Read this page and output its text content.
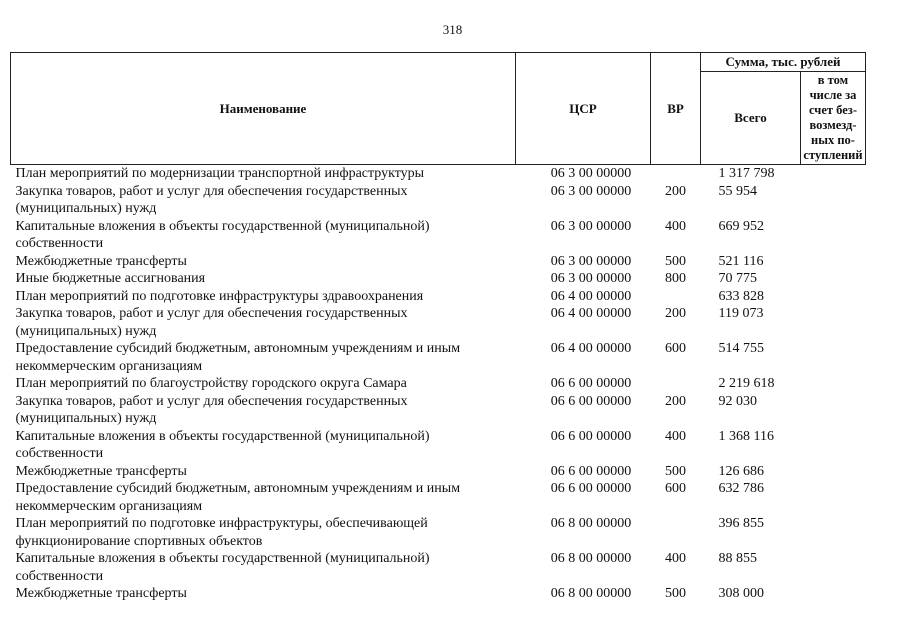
318
Наименование	ЦСР	ВР	Сумма, тыс. рублей	
			Всего	в том числе за счет без-возмезд-ных по-ступлений
План мероприятий по модернизации транспортной инфраструктуры	06 3 00 00000		1 317 798	
Закупка товаров, работ и услуг для обеспечения государственных (муниципальных) нужд	06 3 00 00000	200	55 954	
Капитальные вложения в объекты государственной (муниципальной) собственности	06 3 00 00000	400	669 952	
Межбюджетные трансферты	06 3 00 00000	500	521 116	
Иные бюджетные ассигнования	06 3 00 00000	800	70 775	
План мероприятий по подготовке инфраструктуры здравоохранения	06 4 00 00000		633 828	
Закупка товаров, работ и услуг для обеспечения государственных (муниципальных) нужд	06 4 00 00000	200	119 073	
Предоставление субсидий бюджетным, автономным учреждениям и иным некоммерческим организациям	06 4 00 00000	600	514 755	
План мероприятий по благоустройству городского округа Самара	06 6 00 00000		2 219 618	
Закупка товаров, работ и услуг для обеспечения государственных (муниципальных) нужд	06 6 00 00000	200	92 030	
Капитальные вложения в объекты государственной (муниципальной) собственности	06 6 00 00000	400	1 368 116	
Межбюджетные трансферты	06 6 00 00000	500	126 686	
Предоставление субсидий бюджетным, автономным учреждениям и иным некоммерческим организациям	06 6 00 00000	600	632 786	
План мероприятий по подготовке инфраструктуры, обеспечивающей функционирование спортивных объектов	06 8 00 00000		396 855	
Капитальные вложения в объекты государственной (муниципальной) собственности	06 8 00 00000	400	88 855	
Межбюджетные трансферты	06 8 00 00000	500	308 000	
